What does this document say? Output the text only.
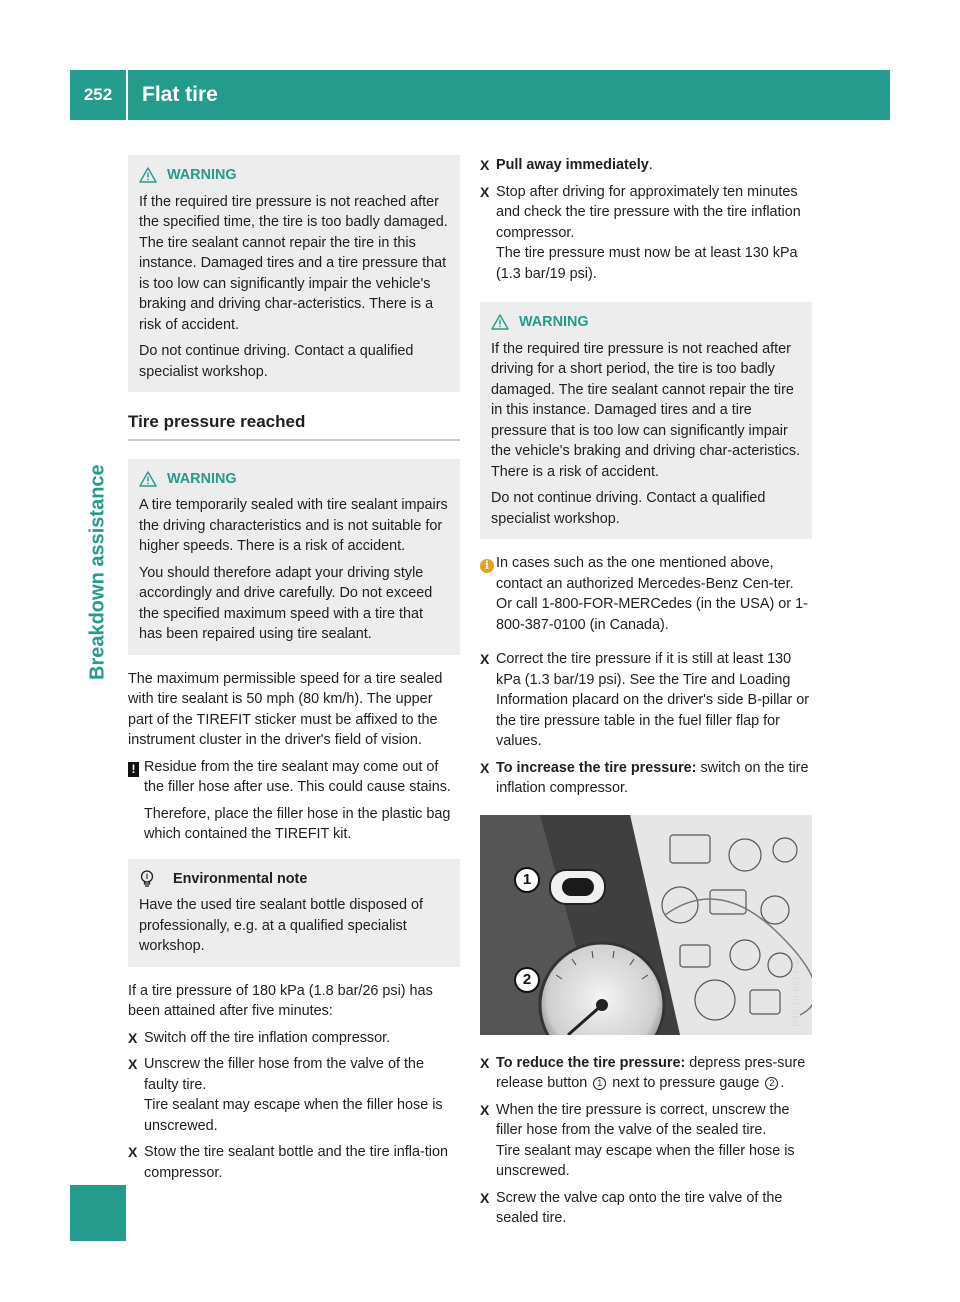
252	Flat tire
Breakdown assistance
WARNING

If the required tire pressure is not reached after the specified time, the tire is too badly damaged. The tire sealant cannot repair the tire in this instance. Damaged tires and a tire pressure that is too low can significantly impair the vehicle's braking and driving char-acteristics. There is a risk of accident.

Do not continue driving. Contact a qualified specialist workshop.

Tire pressure reached
WARNING

A tire temporarily sealed with tire sealant impairs the driving characteristics and is not suitable for higher speeds. There is a risk of accident.

You should therefore adapt your driving style accordingly and drive carefully. Do not exceed the specified maximum speed with a tire that has been repaired using tire sealant.

The maximum permissible speed for a tire sealed with tire sealant is 50 mph (80 km/h). The upper part of the TIREFIT sticker must be affixed to the instrument cluster in the driver's field of vision.

! Residue from the tire sealant may come out of the filler hose after use. This could cause stains.

Therefore, place the filler hose in the plastic bag which contained the TIREFIT kit.

Environmental note

Have the used tire sealant bottle disposed of professionally, e.g. at a qualified specialist workshop.

If a tire pressure of 180 kPa (1.8 bar/26 psi) has been attained after five minutes:

X Switch off the tire inflation compressor.
X Unscrew the filler hose from the valve of the faulty tire.
Tire sealant may escape when the filler hose is unscrewed.
X Stow the tire sealant bottle and the tire infla-tion compressor.
X Pull away immediately.
X Stop after driving for approximately ten minutes and check the tire pressure with the tire inflation compressor.
The tire pressure must now be at least 130 kPa (1.3 bar/19 psi).
WARNING

If the required tire pressure is not reached after driving for a short period, the tire is too badly damaged. The tire sealant cannot repair the tire in this instance. Damaged tires and a tire pressure that is too low can significantly impair the vehicle's braking and driving char-acteristics. There is a risk of accident.

Do not continue driving. Contact a qualified specialist workshop.

i In cases such as the one mentioned above, contact an authorized Mercedes-Benz Cen-ter. Or call 1-800-FOR-MERCedes (in the USA) or 1-800-387-0100 (in Canada).

X Correct the tire pressure if it is still at least 130 kPa (1.3 bar/19 psi). See the Tire and Loading Information placard on the driver's side B-pillar or the tire pressure table in the fuel filler flap for values.
X To increase the tire pressure: switch on the tire inflation compressor.
1
2	P40.10-0614-31
X To reduce the tire pressure: depress pres-sure release button 1 next to pressure gauge 2 .
X When the tire pressure is correct, unscrew the filler hose from the valve of the sealed tire.
Tire sealant may escape when the filler hose is unscrewed.
X Screw the valve cap onto the tire valve of the sealed tire.
